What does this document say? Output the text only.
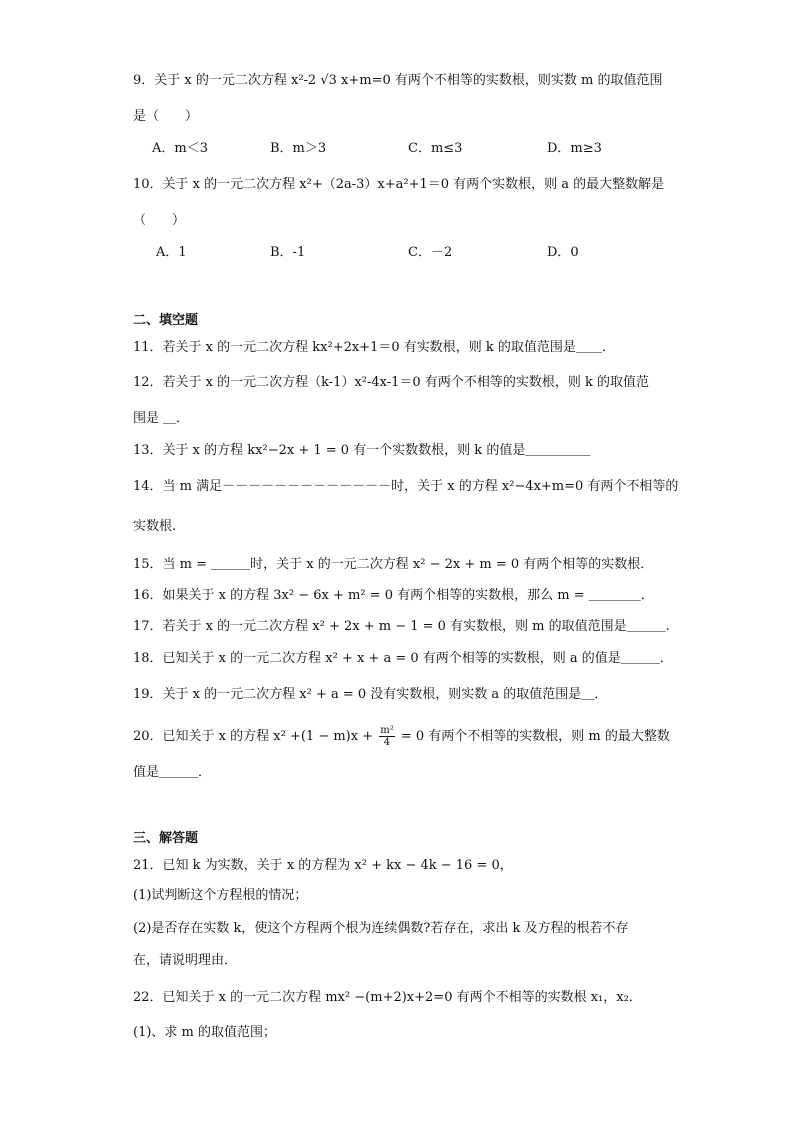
9．关于 x 的一元二次方程 x²-2 √3 x+m=0 有两个不相等的实数根，则实数 m 的取值范围
是（　　）
A．m＜3	B．m＞3	C．m≤3	D．m≥3
10．关于 x 的一元二次方程 x²+（2a-3）x+a²+1＝0 有两个实数根，则 a 的最大整数解是
（　　）
A．1	B．-1	C．－2	D．0
二、填空题
11．若关于 x 的一元二次方程 kx²+2x+1＝0 有实数根，则 k 的取值范围是＿＿．
12．若关于 x 的一元二次方程（k-1）x²-4x-1＝0 有两个不相等的实数根，则 k 的取值范
围是 ＿．
13．关于 x 的方程 kx²−2x + 1 = 0 有一个实数数根，则 k 的值是＿＿＿＿＿
14．当 m 满足－－－－－－－－－－－－－时，关于 x 的方程 x²−4x+m=0 有两个不相等的
实数根.
15．当 m = ＿＿＿时，关于 x 的一元二次方程 x² − 2x + m = 0 有两个相等的实数根．
16．如果关于 x 的方程 3x² − 6x + m² = 0 有两个相等的实数根，那么 m = ＿＿＿＿．
17．若关于 x 的一元二次方程 x² + 2x + m − 1 = 0 有实数根，则 m 的取值范围是＿＿＿.
18．已知关于 x 的一元二次方程 x² + x + a = 0 有两个相等的实数根，则 a 的值是＿＿＿．
19．关于 x 的一元二次方程 x² + a = 0 没有实数根，则实数 a 的取值范围是＿．
20．已知关于 x 的方程 $x^2 +(1 - m)x + \frac{\text{m²}}{4} = 0$ 有两个不相等的实数根，则 m 的最大整数
值是＿＿＿．
三、解答题
21．已知 k 为实数，关于 x 的方程为 x² + kx − 4k − 16 = 0，
(1)试判断这个方程根的情况；
(2)是否存在实数 k，使这个方程两个根为连续偶数?若存在，求出 k 及方程的根若不存
在，请说明理由．
22．已知关于 x 的一元二次方程 mx² −(m+2)x+2=0 有两个不相等的实数根 x₁，x₂．
(1)、求 m 的取值范围；
